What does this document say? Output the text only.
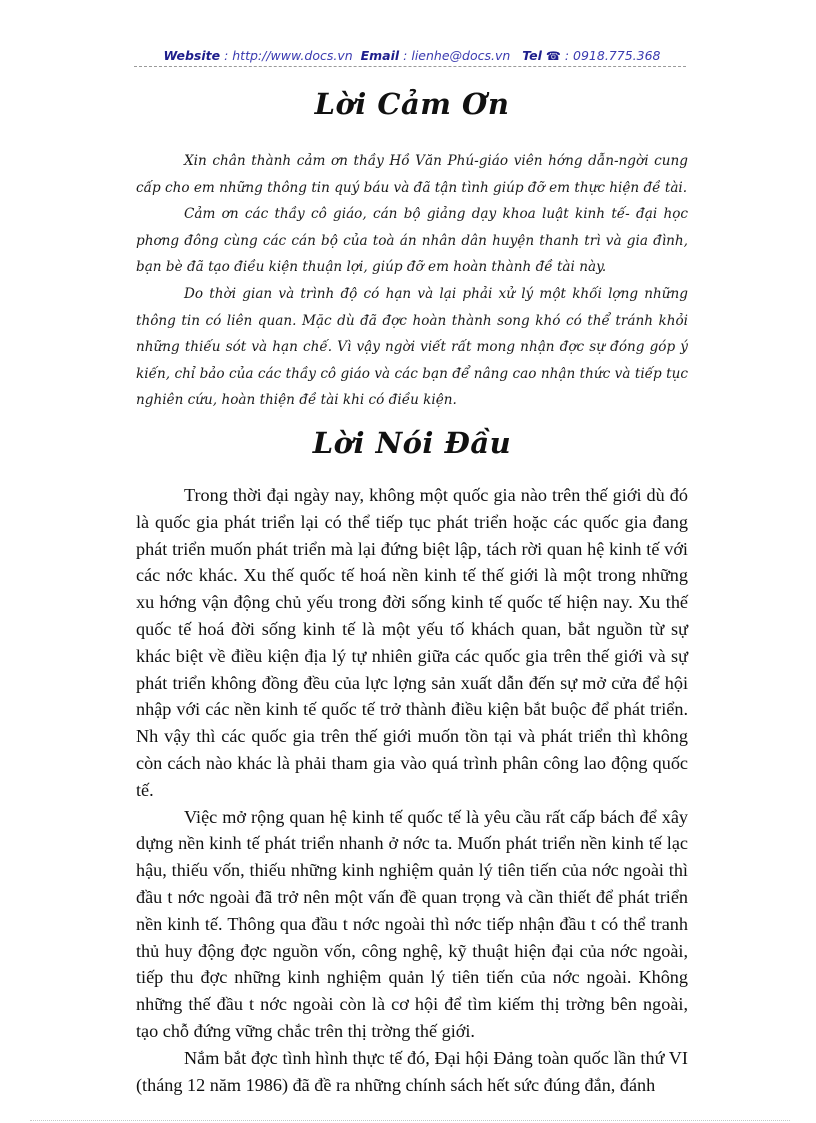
Website : http://www.docs.vn Email : lienhe@docs.vn Tel ☎ : 0918.775.368
Lời Cảm Ơn

Xin chân thành cảm ơn thầy Hồ Văn Phú-giáo viên hớng dẫn-ngời cung cấp cho em những thông tin quý báu và đã tận tình giúp đỡ em thực hiện đề tài.

Cảm ơn các thầy cô giáo, cán bộ giảng dạy khoa luật kinh tế- đại học phơng đông cùng các cán bộ của toà án nhân dân huyện thanh trì và gia đình, bạn bè đã tạo điều kiện thuận lợi, giúp đỡ em hoàn thành đề tài này.

Do thời gian và trình độ có hạn và lại phải xử lý một khối lợng những thông tin có liên quan. Mặc dù đã đợc hoàn thành song khó có thể tránh khỏi những thiếu sót và hạn chế. Vì vậy ngời viết rất mong nhận đợc sự đóng góp ý kiến, chỉ bảo của các thầy cô giáo và các bạn để nâng cao nhận thức và tiếp tục nghiên cứu, hoàn thiện đề tài khi có điều kiện.

Lời Nói Đầu

Trong thời đại ngày nay, không một quốc gia nào trên thế giới dù đó là quốc gia phát triển lại có thể tiếp tục phát triển hoặc các quốc gia đang phát triển muốn phát triển mà lại đứng biệt lập, tách rời quan hệ kinh tế với các nớc khác. Xu thế quốc tế hoá nền kinh tế thế giới là một trong những xu hớng vận động chủ yếu trong đời sống kinh tế quốc tế hiện nay. Xu thế quốc tế hoá đời sống kinh tế là một yếu tố khách quan, bắt nguồn từ sự khác biệt về điều kiện địa lý tự nhiên giữa các quốc gia trên thế giới và sự phát triển không đồng đều của lực lợng sản xuất dẫn đến sự mở cửa để hội nhập với các nền kinh tế quốc tế trở thành điều kiện bắt buộc để phát triển. Nh vậy thì các quốc gia trên thế giới muốn tồn tại và phát triển thì không còn cách nào khác là phải tham gia vào quá trình phân công lao động quốc tế.

Việc mở rộng quan hệ kinh tế quốc tế là yêu cầu rất cấp bách để xây dựng nền kinh tế phát triển nhanh ở nớc ta. Muốn phát triển nền kinh tế lạc hậu, thiếu vốn, thiếu những kinh nghiệm quản lý tiên tiến của nớc ngoài thì đầu t nớc ngoài đã trở nên một vấn đề quan trọng và cần thiết để phát triển nền kinh tế. Thông qua đầu t nớc ngoài thì nớc tiếp nhận đầu t có thể tranh thủ huy động đợc nguồn vốn, công nghệ, kỹ thuật hiện đại của nớc ngoài, tiếp thu đợc những kinh nghiệm quản lý tiên tiến của nớc ngoài. Không những thế đầu t nớc ngoài còn là cơ hội để tìm kiếm thị trờng bên ngoài, tạo chỗ đứng vững chắc trên thị trờng thế giới.

Nắm bắt đợc tình hình thực tế đó, Đại hội Đảng toàn quốc lần thứ VI (tháng 12 năm 1986) đã đề ra những chính sách hết sức đúng đắn, đánh
